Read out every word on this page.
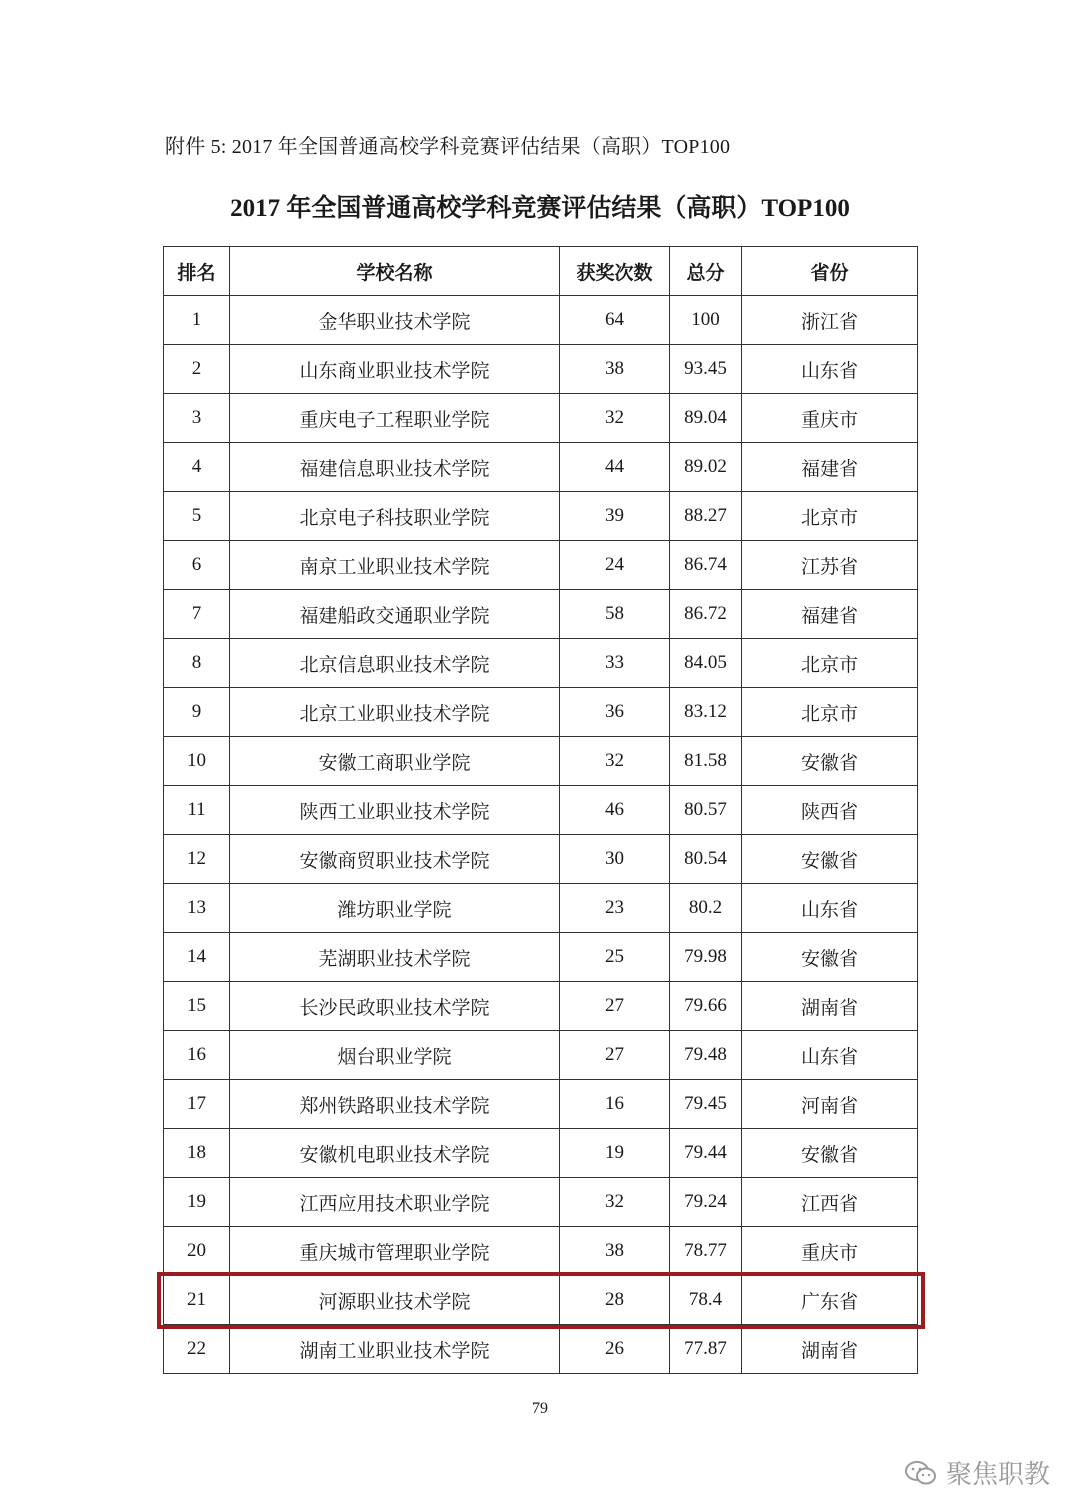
附件 5: 2017 年全国普通高校学科竞赛评估结果（高职）TOP100
2017 年全国普通高校学科竞赛评估结果（高职）TOP100
排名	学校名称	获奖次数	总分	省份
1	金华职业技术学院	64	100	浙江省
2	山东商业职业技术学院	38	93.45	山东省
3	重庆电子工程职业学院	32	89.04	重庆市
4	福建信息职业技术学院	44	89.02	福建省
5	北京电子科技职业学院	39	88.27	北京市
6	南京工业职业技术学院	24	86.74	江苏省
7	福建船政交通职业学院	58	86.72	福建省
8	北京信息职业技术学院	33	84.05	北京市
9	北京工业职业技术学院	36	83.12	北京市
10	安徽工商职业学院	32	81.58	安徽省
11	陕西工业职业技术学院	46	80.57	陕西省
12	安徽商贸职业技术学院	30	80.54	安徽省
13	潍坊职业学院	23	80.2	山东省
14	芜湖职业技术学院	25	79.98	安徽省
15	长沙民政职业技术学院	27	79.66	湖南省
16	烟台职业学院	27	79.48	山东省
17	郑州铁路职业技术学院	16	79.45	河南省
18	安徽机电职业技术学院	19	79.44	安徽省
19	江西应用技术职业学院	32	79.24	江西省
20	重庆城市管理职业学院	38	78.77	重庆市
21	河源职业技术学院	28	78.4	广东省
22	湖南工业职业技术学院	26	77.87	湖南省
79
聚焦职教
